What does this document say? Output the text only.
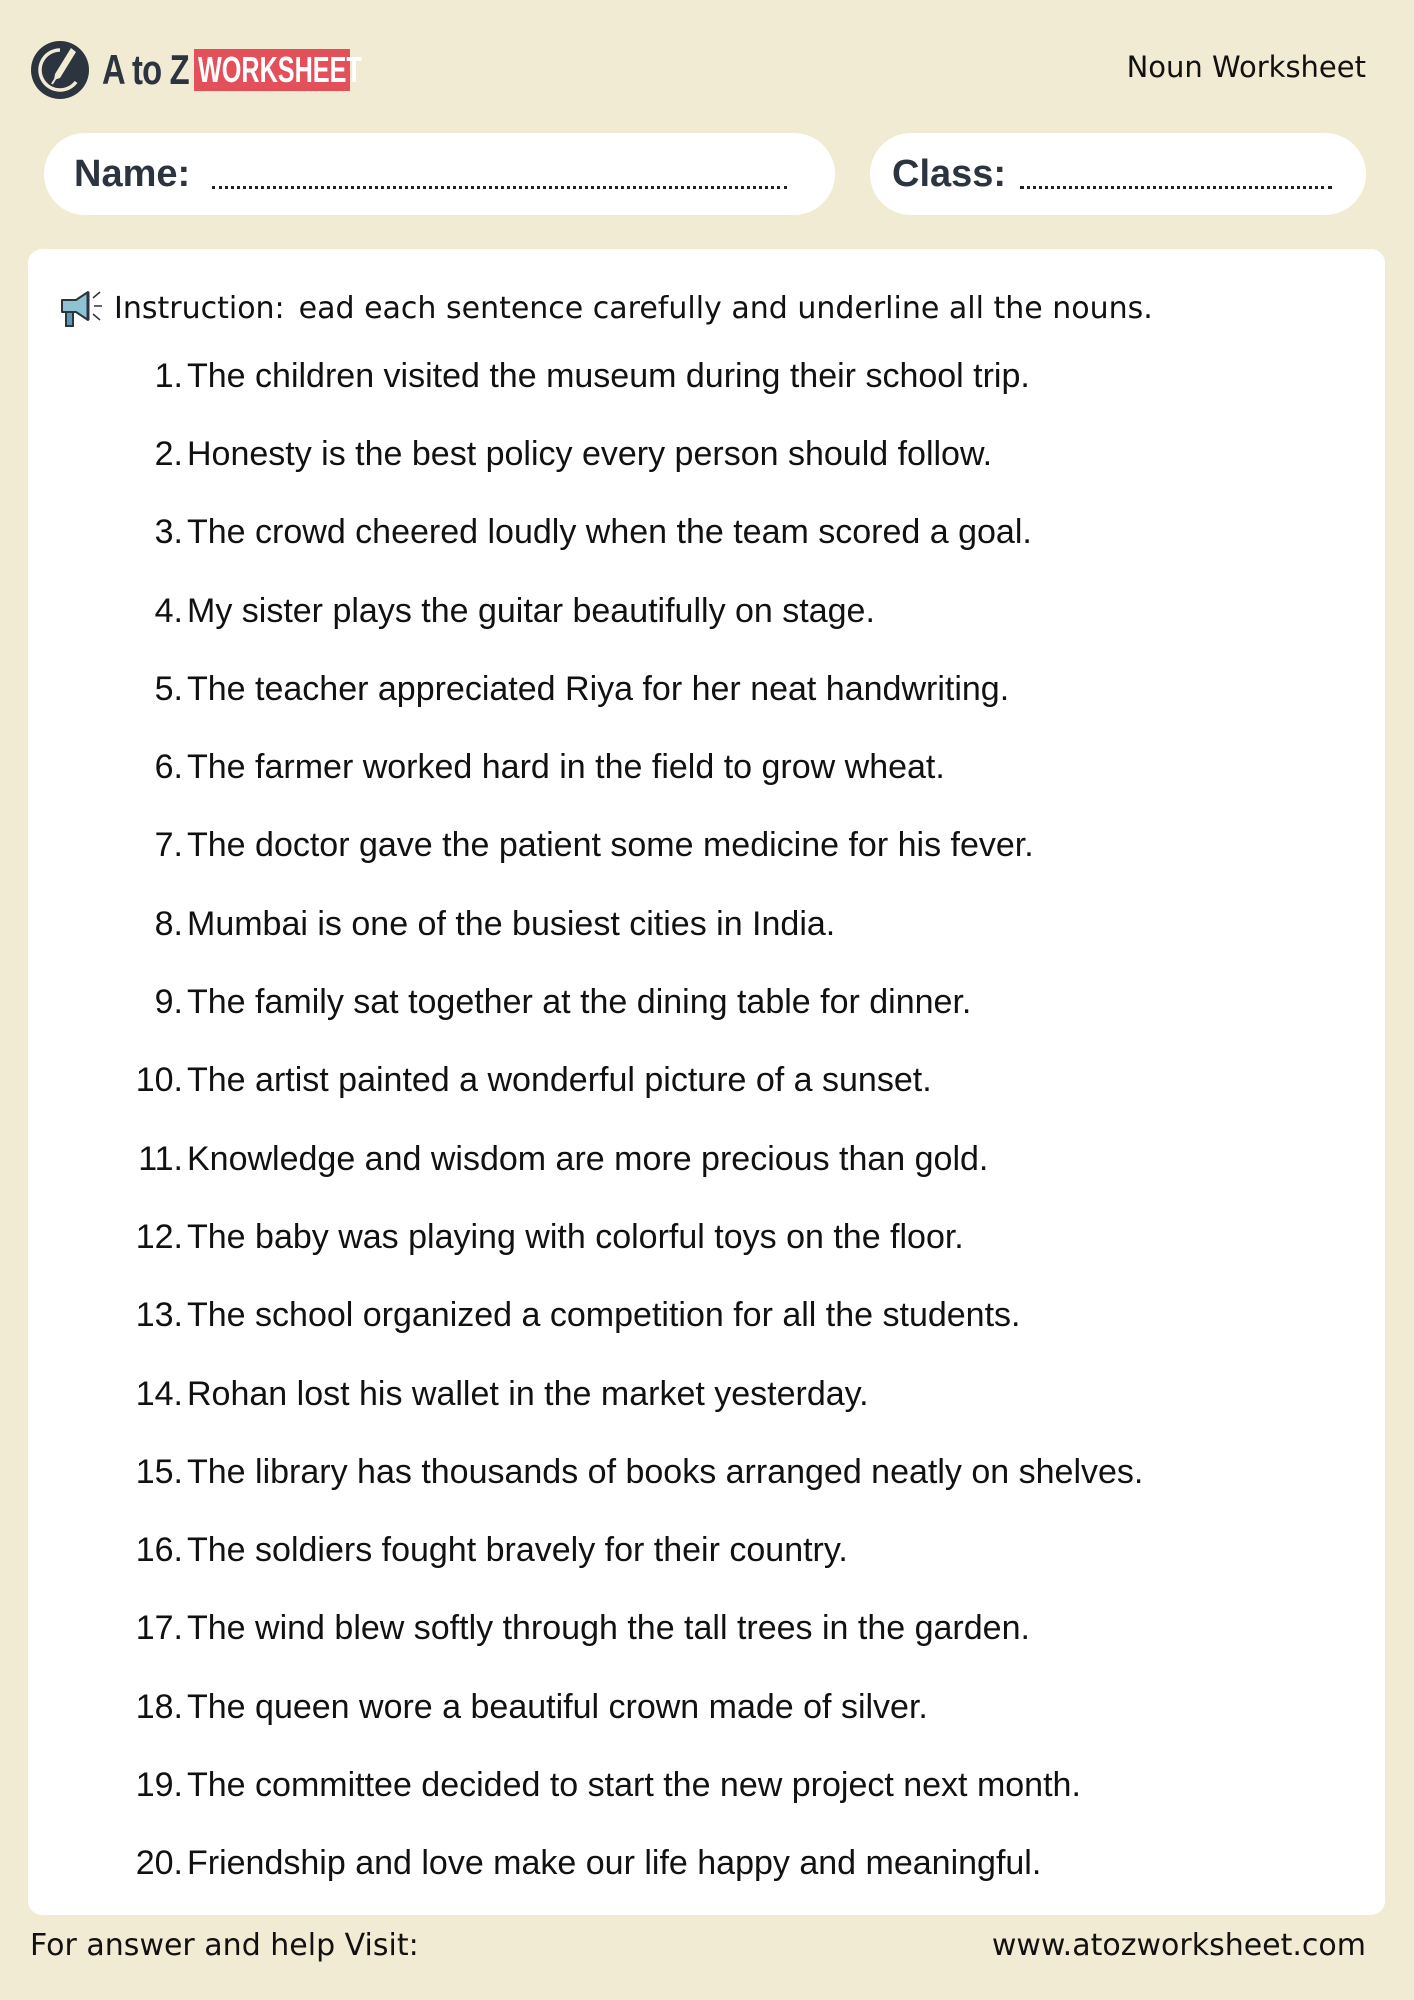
A to Z WORKSHEET	Noun Worksheet
Name:	Class:
Instruction: ead each sentence carefully and underline all the nouns.
1. The children visited the museum during their school trip.
2. Honesty is the best policy every person should follow.
3. The crowd cheered loudly when the team scored a goal.
4. My sister plays the guitar beautifully on stage.
5. The teacher appreciated Riya for her neat handwriting.
6. The farmer worked hard in the field to grow wheat.
7. The doctor gave the patient some medicine for his fever.
8. Mumbai is one of the busiest cities in India.
9. The family sat together at the dining table for dinner.
10. The artist painted a wonderful picture of a sunset.
11. Knowledge and wisdom are more precious than gold.
12. The baby was playing with colorful toys on the floor.
13. The school organized a competition for all the students.
14. Rohan lost his wallet in the market yesterday.
15. The library has thousands of books arranged neatly on shelves.
16. The soldiers fought bravely for their country.
17. The wind blew softly through the tall trees in the garden.
18. The queen wore a beautiful crown made of silver.
19. The committee decided to start the new project next month.
20. Friendship and love make our life happy and meaningful.
For answer and help Visit:	www.atozworksheet.com
